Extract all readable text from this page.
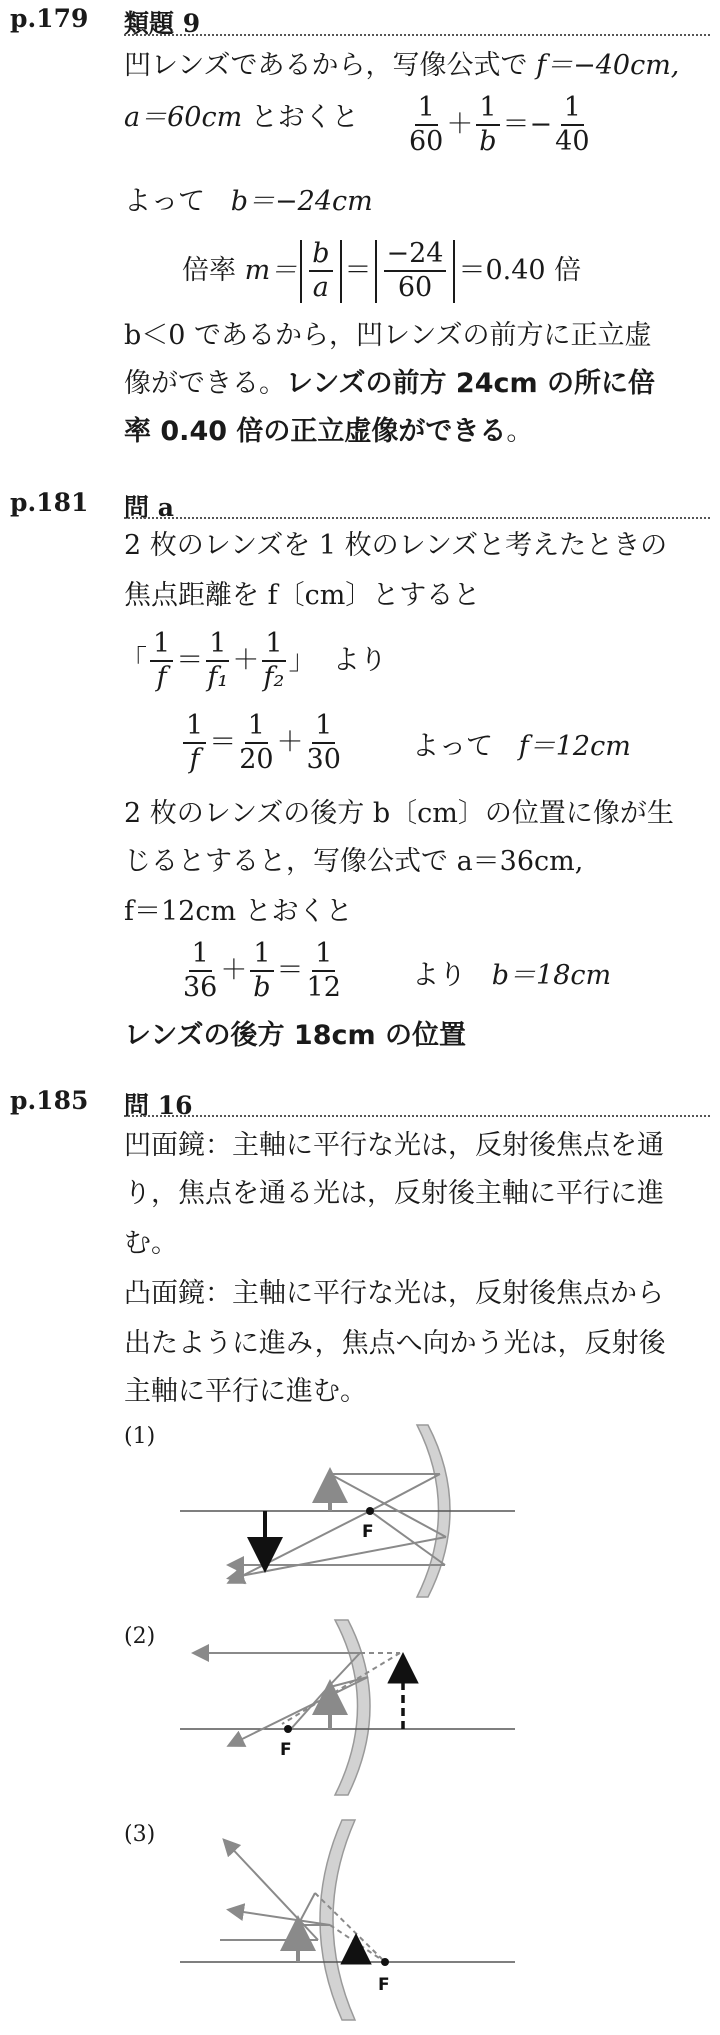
p.179 類題 9
凹レンズであるから，写像公式で f＝−40cm,
a＝60cm とおくと $\frac{1}{60} + \frac{1}{b} =- \frac{1}{40}$
よって b＝−24cm
倍率 $m= \frac{b}{a} = \frac{-24}{60} =0.40$ 倍
b＜0 であるから，凹レンズの前方に正立虚
像ができる。レンズの前方 24cm の所に倍
率 0.40 倍の正立虚像ができる。
p.181 問 a
2 枚のレンズを 1 枚のレンズと考えたときの
焦点距離を f〔cm〕とすると
「 $\frac{1}{f} = \frac{1}{\text{f₁}} + \frac{1}{\text{f₂}}$ 」 より
$\frac{1}{f} = \frac{1}{20} + \frac{1}{30}$	よって f＝12cm
2 枚のレンズの後方 b〔cm〕の位置に像が生
じるとすると，写像公式で a＝36cm,
f＝12cm とおくと
$\frac{1}{36} + \frac{1}{b} = \frac{1}{12}$	より b＝18cm
レンズの後方 18cm の位置
p.185 問 16
凹面鏡：主軸に平行な光は，反射後焦点を通
り，焦点を通る光は，反射後主軸に平行に進
む。
凸面鏡：主軸に平行な光は，反射後焦点から
出たように進み，焦点へ向かう光は，反射後
主軸に平行に進む。
(1)
F
(2)
F
(3)
F
